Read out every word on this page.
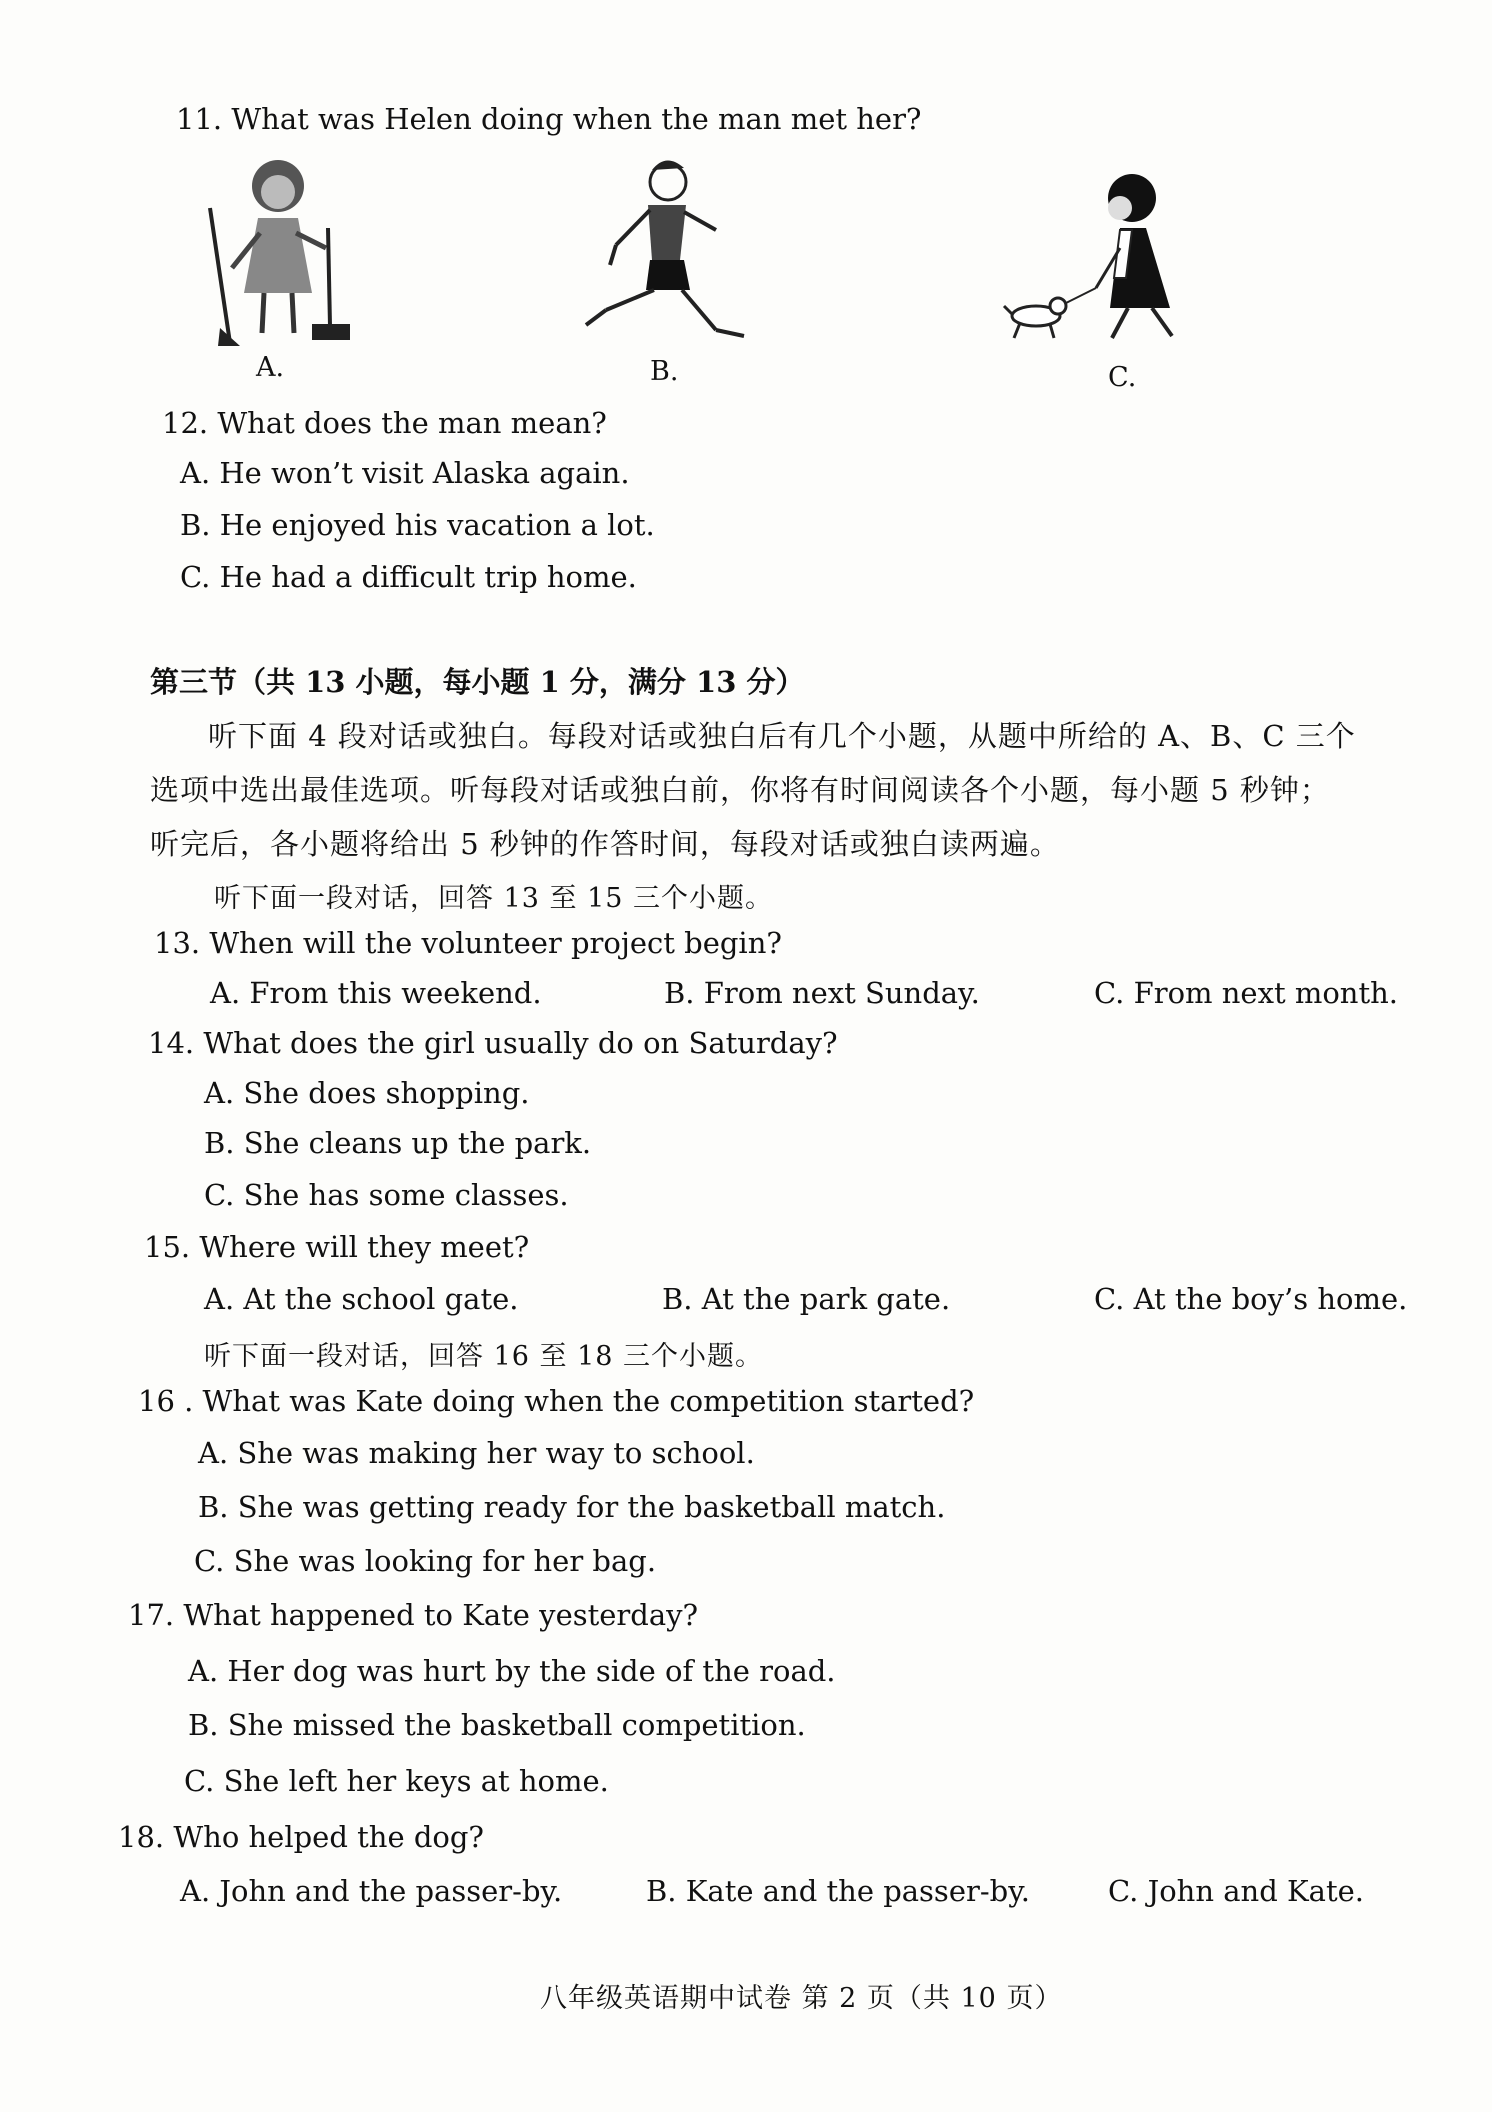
11. What was Helen doing when the man met her?
A.	B.	C.
12. What does the man mean?
A. He won’t visit Alaska again.
B. He enjoyed his vacation a lot.
C. He had a difficult trip home.
第三节（共 13 小题，每小题 1 分，满分 13 分）
听下面 4 段对话或独白。每段对话或独白后有几个小题，从题中所给的 A、B、C 三个
选项中选出最佳选项。听每段对话或独白前，你将有时间阅读各个小题，每小题 5 秒钟；
听完后，各小题将给出 5 秒钟的作答时间，每段对话或独白读两遍。
听下面一段对话，回答 13 至 15 三个小题。
13. When will the volunteer project begin?
A. From this weekend.	B. From next Sunday.	C. From next month.
14. What does the girl usually do on Saturday?
A. She does shopping.
B. She cleans up the park.
C. She has some classes.
15. Where will they meet?
A. At the school gate.	B. At the park gate.	C. At the boy’s home.
听下面一段对话，回答 16 至 18 三个小题。
16 . What was Kate doing when the competition started?
A. She was making her way to school.
B. She was getting ready for the basketball match.
C. She was looking for her bag.
17. What happened to Kate yesterday?
A. Her dog was hurt by the side of the road.
B. She missed the basketball competition.
C. She left her keys at home.
18. Who helped the dog?
A. John and the passer-by.	B. Kate and the passer-by.	C. John and Kate.
八年级英语期中试卷 第 2 页（共 10 页）
